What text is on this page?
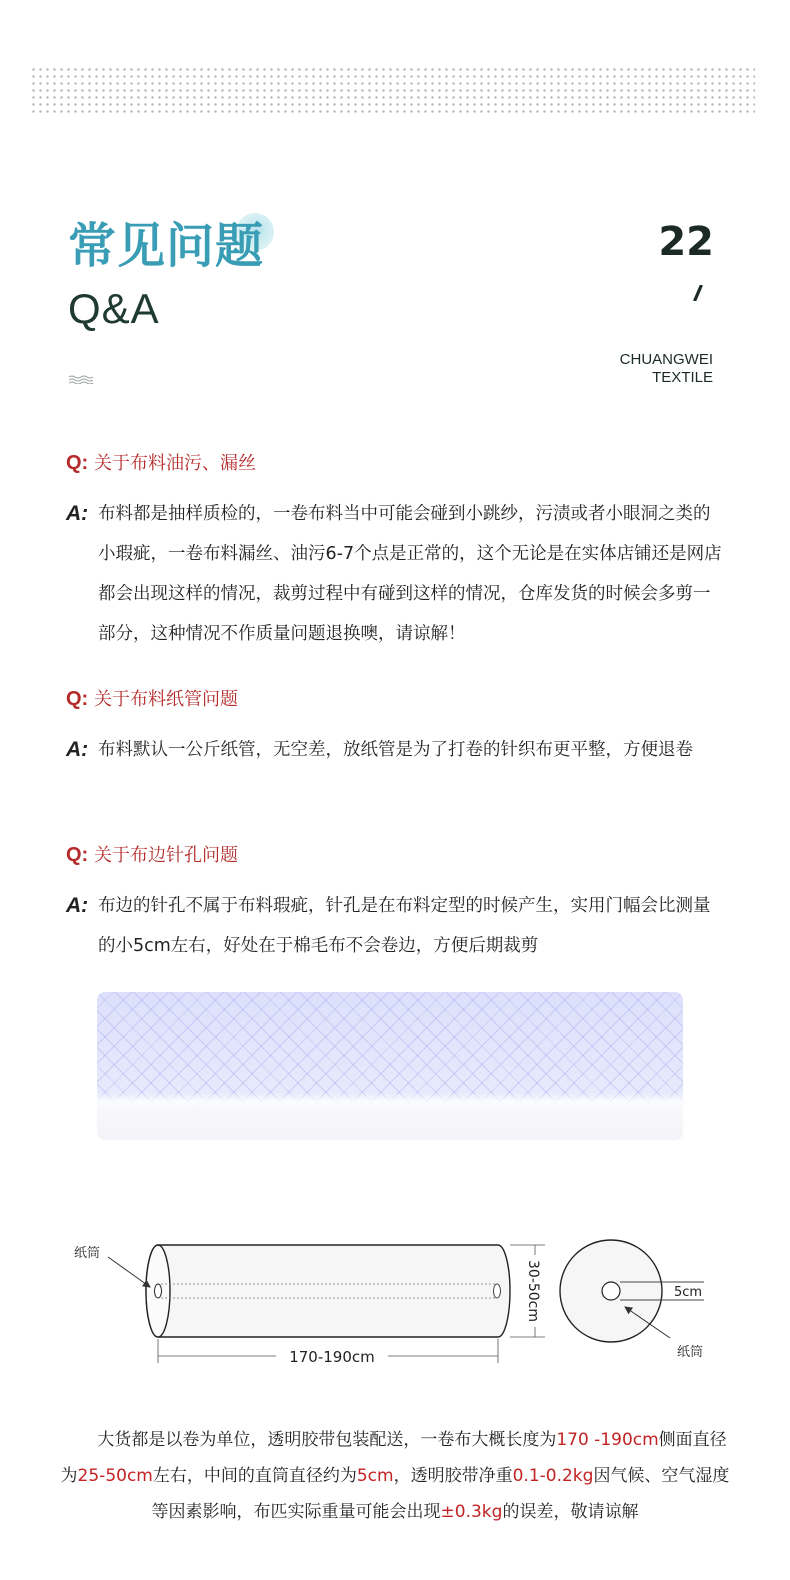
常见问题
Q&A
22
CHUANGWEI
TEXTILE
Q: 关于布料油污、漏丝
A: 布料都是抽样质检的，一卷布料当中可能会碰到小跳纱，污渍或者小眼洞之类的小瑕疵，一卷布料漏丝、油污6-7个点是正常的，这个无论是在实体店铺还是网店都会出现这样的情况，裁剪过程中有碰到这样的情况，仓库发货的时候会多剪一部分，这种情况不作质量问题退换噢，请谅解！
Q: 关于布料纸管问题
A: 布料默认一公斤纸管，无空差，放纸管是为了打卷的针织布更平整，方便退卷
Q: 关于布边针孔问题
A: 布边的针孔不属于布料瑕疵，针孔是在布料定型的时候产生，实用门幅会比测量的小5cm左右，好处在于棉毛布不会卷边，方便后期裁剪
纸筒
170-190cm
30-50cm	5cm
纸筒
大货都是以卷为单位，透明胶带包装配送，一卷布大概长度为170 -190cm侧面直径为25-50cm左右，中间的直筒直径约为5cm，透明胶带净重0.1-0.2kg因气候、空气湿度等因素影响，布匹实际重量可能会出现±0.3kg的误差，敬请谅解
